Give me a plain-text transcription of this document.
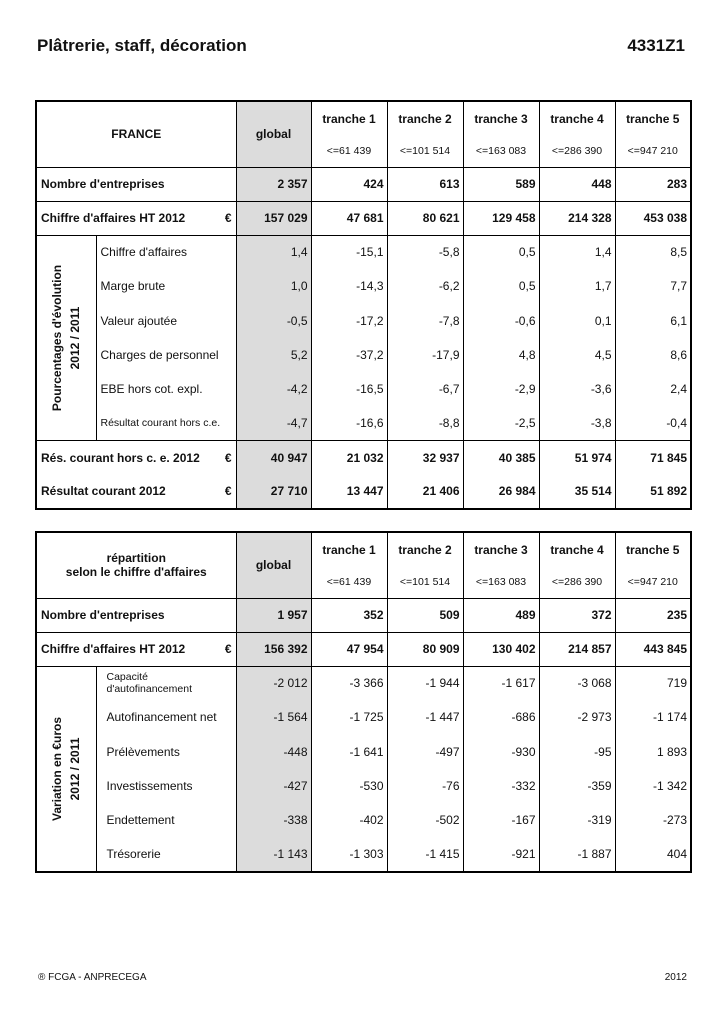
Plâtrerie, staff, décoration	4331Z1
FRANCE		global	tranche 1	tranche 2	tranche 3	tranche 4	tranche 5
			<=61 439	<=101 514	<=163 083	<=286 390	<=947 210

Nombre d'entreprises		2 357	424	613	589	448	283

Chiffre d'affaires HT 2012 €		157 029	47 681	80 621	129 458	214 328	453 038

Pourcentages d'évolution 2012 / 2011	Chiffre d'affaires	1,4	-15,1	-5,8	0,5	1,4	8,5
	Marge brute	1,0	-14,3	-6,2	0,5	1,7	7,7
	Valeur ajoutée	-0,5	-17,2	-7,8	-0,6	0,1	6,1
	Charges de personnel	5,2	-37,2	-17,9	4,8	4,5	8,6
	EBE hors cot. expl.	-4,2	-16,5	-6,7	-2,9	-3,6	2,4
	Résultat courant hors c.e.	-4,7	-16,6	-8,8	-2,5	-3,8	-0,4

Rés. courant hors c. e. 2012 €		40 947	21 032	32 937	40 385	51 974	71 845

Résultat courant 2012 €		27 710	13 447	21 406	26 984	35 514	51 892
répartition
selon le chiffre d'affaires		global	tranche 1	tranche 2	tranche 3	tranche 4	tranche 5
			<=61 439	<=101 514	<=163 083	<=286 390	<=947 210

Nombre d'entreprises		1 957	352	509	489	372	235

Chiffre d'affaires HT 2012 €		156 392	47 954	80 909	130 402	214 857	443 845

Variation en €uros 2012 / 2011	Capacité d'autofinancement	-2 012	-3 366	-1 944	-1 617	-3 068	719
	Autofinancement net	-1 564	-1 725	-1 447	-686	-2 973	-1 174
	Prélèvements	-448	-1 641	-497	-930	-95	1 893
	Investissements	-427	-530	-76	-332	-359	-1 342
	Endettement	-338	-402	-502	-167	-319	-273
	Trésorerie	-1 143	-1 303	-1 415	-921	-1 887	404
® FCGA - ANPRECEGA	2012
